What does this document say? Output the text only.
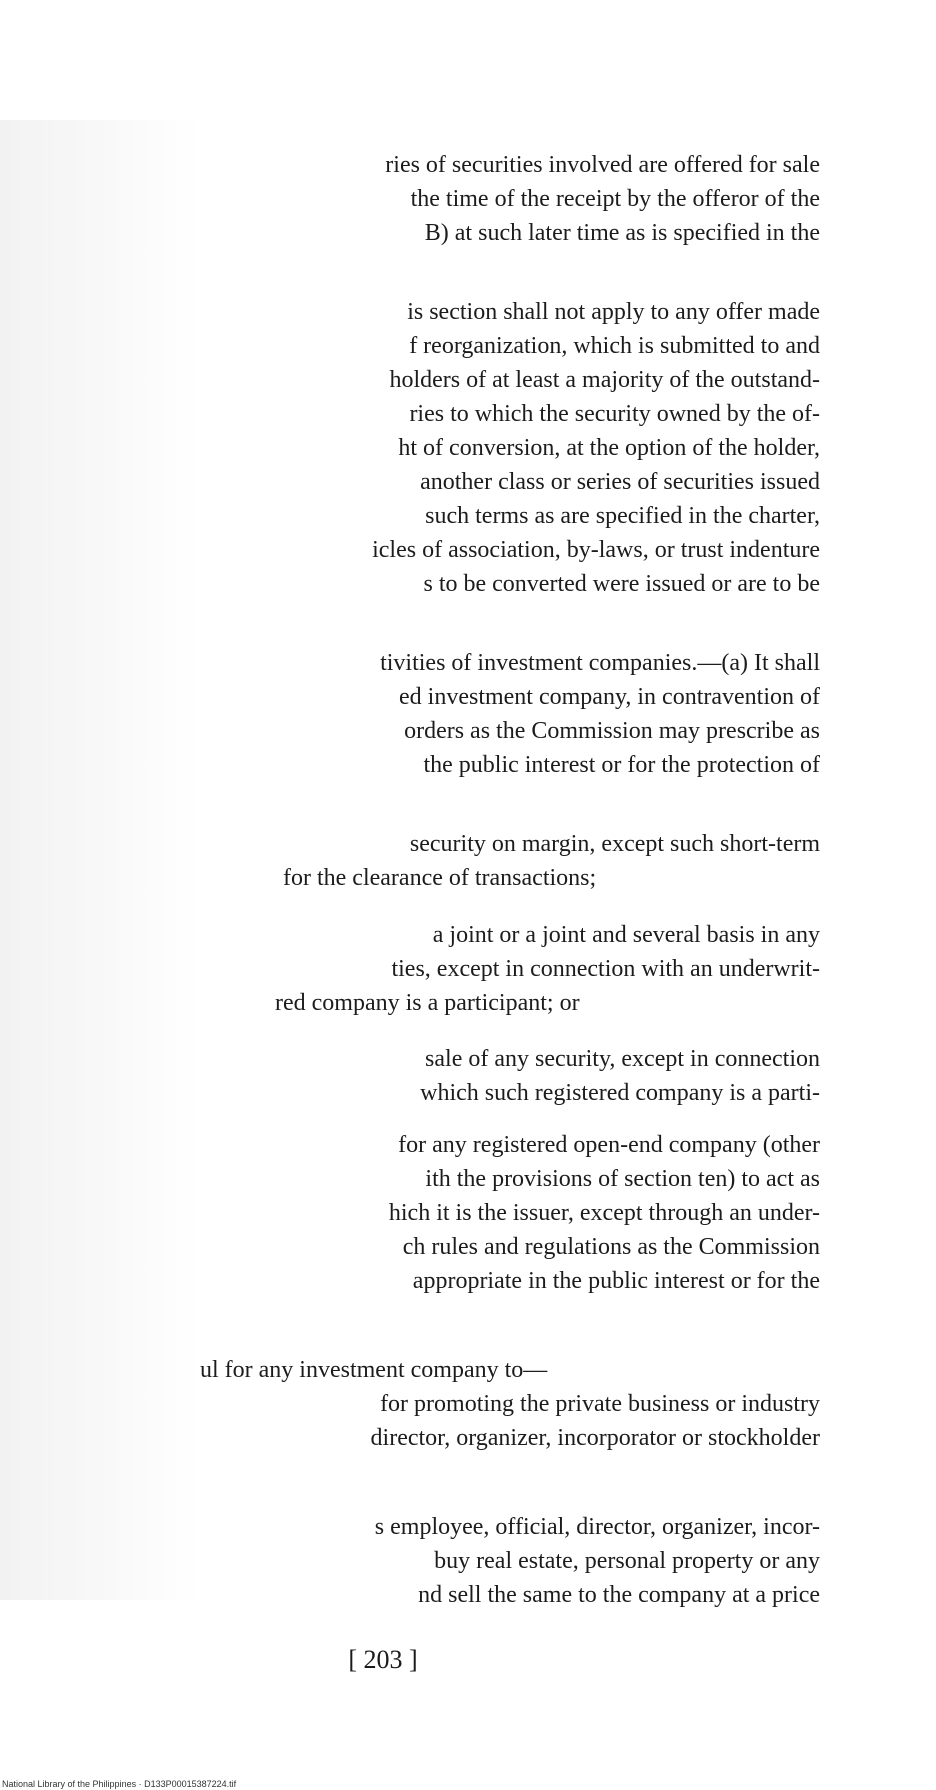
ries of securities involved are offered for sale
the time of the receipt by the offeror of the
B) at such later time as is specified in the
is section shall not apply to any offer made
f reorganization, which is submitted to and
holders of at least a majority of the outstand-
ries to which the security owned by the of-
ht of conversion, at the option of the holder,
another class or series of securities issued
such terms as are specified in the charter,
icles of association, by-laws, or trust indenture
s to be converted were issued or are to be
tivities of investment companies.—(a) It shall
ed investment company, in contravention of
orders as the Commission may prescribe as
the public interest or for the protection of
security on margin, except such short-term
for the clearance of transactions;
a joint or a joint and several basis in any
ties, except in connection with an underwrit-
red company is a participant; or
sale of any security, except in connection
which such registered company is a parti-
for any registered open-end company (other
ith the provisions of section ten) to act as
hich it is the issuer, except through an under-
ch rules and regulations as the Commission
appropriate in the public interest or for the
ul for any investment company to—
for promoting the private business or industry
director, organizer, incorporator or stockholder
s employee, official, director, organizer, incor-
buy real estate, personal property or any
nd sell the same to the company at a price
[ 203 ]
National Library of the Philippines · D133P00015387224.tif
